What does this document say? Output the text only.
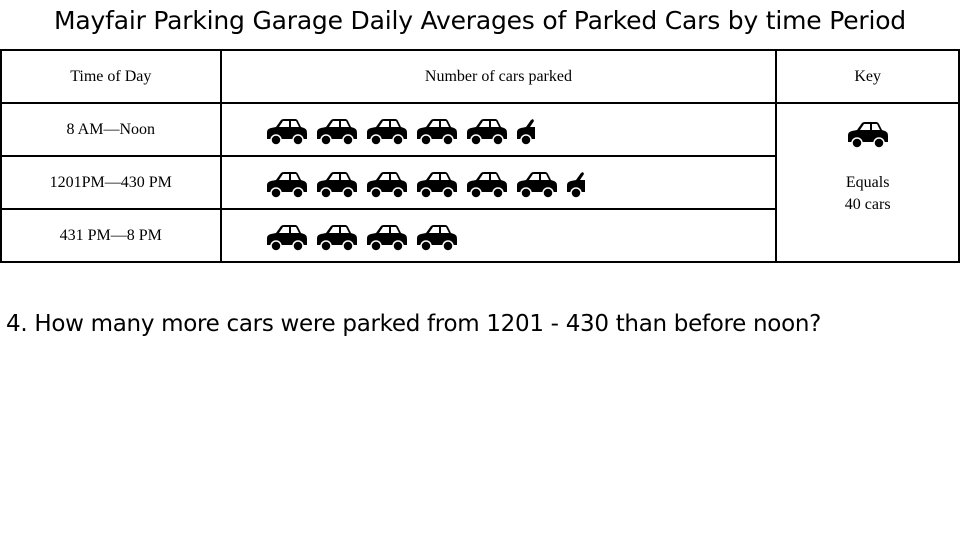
Mayfair Parking Garage Daily Averages of Parked Cars by time Period
Time of Day	Number of cars parked	Key
8 AM—Noon		Equals
40 cars

1201PM—430 PM	

431 PM—8 PM	
4. How many more cars were parked from 1201 - 430 than before noon?
